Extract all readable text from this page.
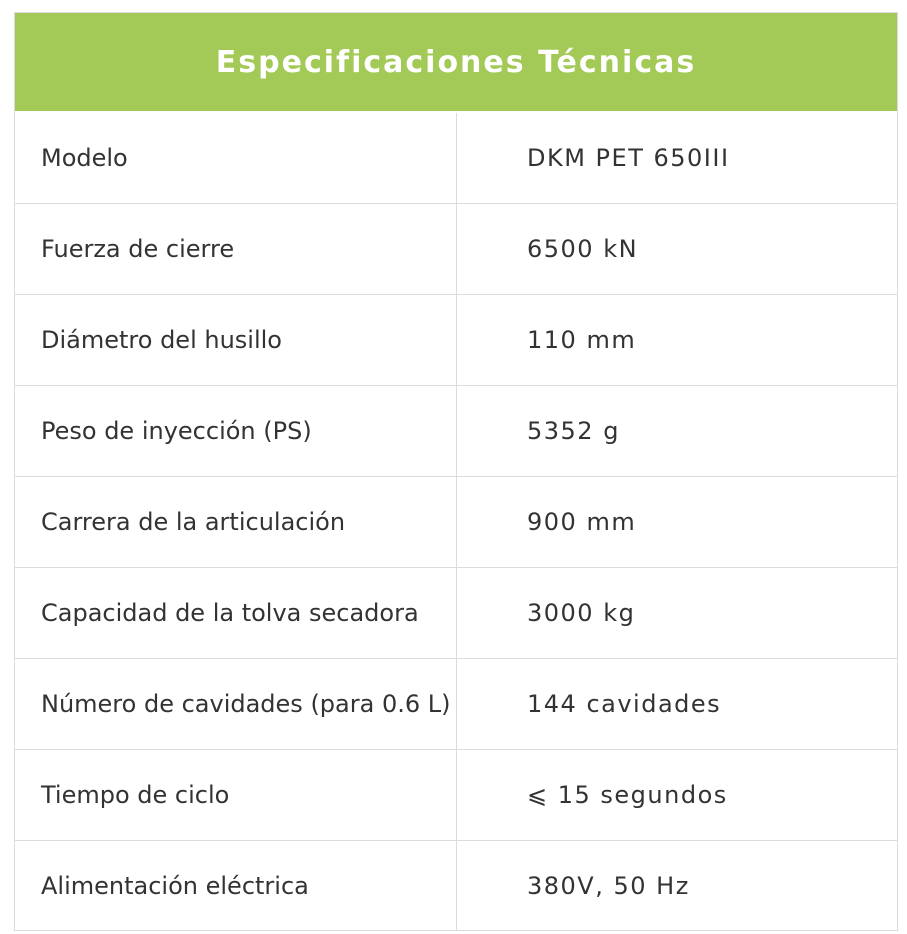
Especificaciones Técnicas
Modelo	DKM PET 650III
Fuerza de cierre	6500 kN
Diámetro del husillo	110 mm
Peso de inyección (PS)	5352 g
Carrera de la articulación	900 mm
Capacidad de la tolva secadora	3000 kg
Número de cavidades (para 0.6 L)	144 cavidades
Tiempo de ciclo	⩽ 15 segundos
Alimentación eléctrica	380V, 50 Hz
